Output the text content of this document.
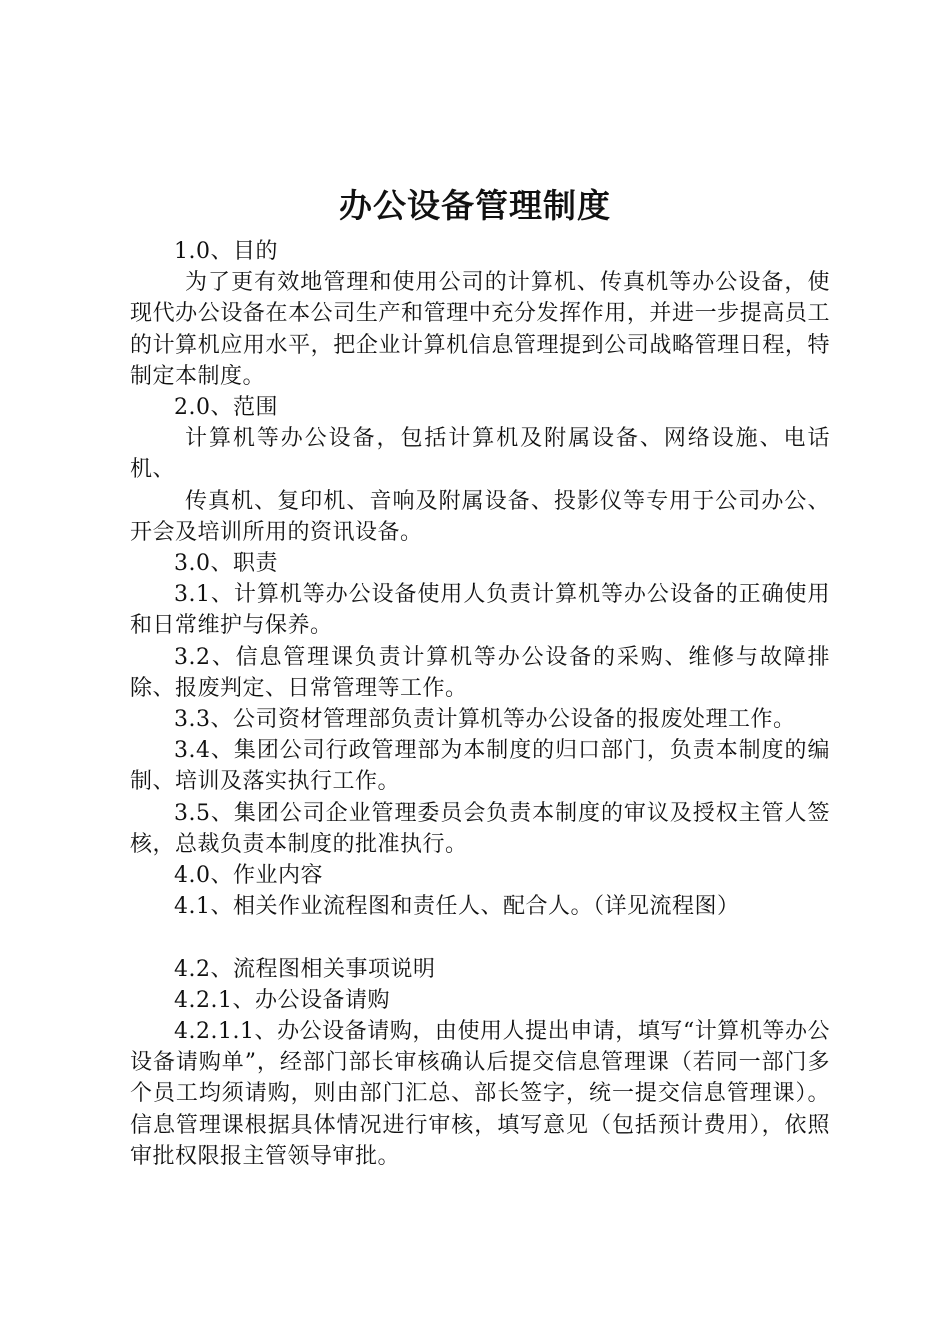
办公设备管理制度

1.0、目的

为了更有效地管理和使用公司的计算机、传真机等办公设备，使现代办公设备在本公司生产和管理中充分发挥作用，并进一步提高员工的计算机应用水平，把企业计算机信息管理提到公司战略管理日程，特制定本制度。

2.0、范围

计算机等办公设备，包括计算机及附属设备、网络设施、电话机、

传真机、复印机、音响及附属设备、投影仪等专用于公司办公、开会及培训所用的资讯设备。

3.0、职责

3.1、计算机等办公设备使用人负责计算机等办公设备的正确使用和日常维护与保养。

3.2、信息管理课负责计算机等办公设备的采购、维修与故障排除、报废判定、日常管理等工作。

3.3、公司资材管理部负责计算机等办公设备的报废处理工作。

3.4、集团公司行政管理部为本制度的归口部门，负责本制度的编制、培训及落实执行工作。

3.5、集团公司企业管理委员会负责本制度的审议及授权主管人签核，总裁负责本制度的批准执行。

4.0、作业内容

4.1、相关作业流程图和责任人、配合人。（详见流程图）

4.2、流程图相关事项说明

4.2.1、办公设备请购

4.2.1.1、办公设备请购，由使用人提出申请，填写“计算机等办公设备请购单”，经部门部长审核确认后提交信息管理课（若同一部门多个员工均须请购，则由部门汇总、部长签字，统一提交信息管理课）。信息管理课根据具体情况进行审核，填写意见（包括预计费用），依照审批权限报主管领导审批。
